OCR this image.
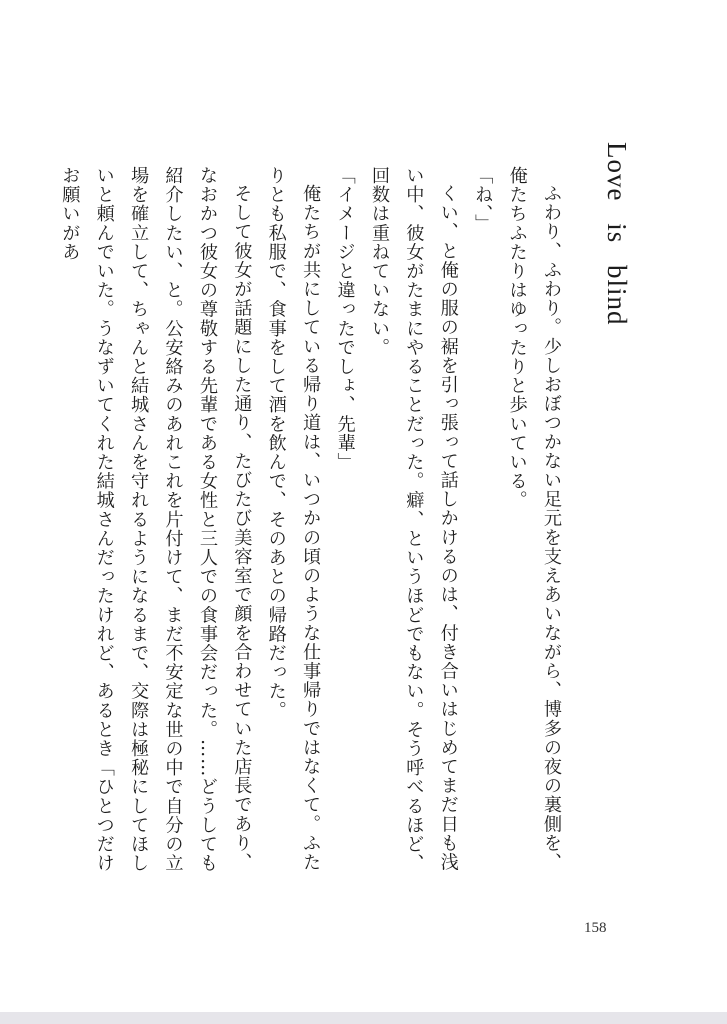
Love is blind

ふわり、ふわり。少しおぼつかない足元を支えあいながら、博多の夜の裏側を、俺たちふたりはゆったりと歩いている。

「ね、」

くい、と俺の服の裾を引っ張って話しかけるのは、付き合いはじめてまだ日も浅い中、彼女がたまにやることだった。癖、というほどでもない。そう呼べるほど、回数は重ねていない。

「イメージと違ったでしょ、先輩」

俺たちが共にしている帰り道は、いつかの頃のような仕事帰りではなくて。ふたりとも私服で、食事をして酒を飲んで、そのあとの帰路だった。

そして彼女が話題にした通り、たびたび美容室で顔を合わせていた店長であり、なおかつ彼女の尊敬する先輩である女性と三人での食事会だった。……どうしても紹介したい、と。公安絡みのあれこれを片付けて、まだ不安定な世の中で自分の立場を確立して、ちゃんと結城さんを守れるようになるまで、交際は極秘にしてほしいと頼んでいた。うなずいてくれた結城さんだったけれど、あるとき「ひとつだけお願いがあ

158
